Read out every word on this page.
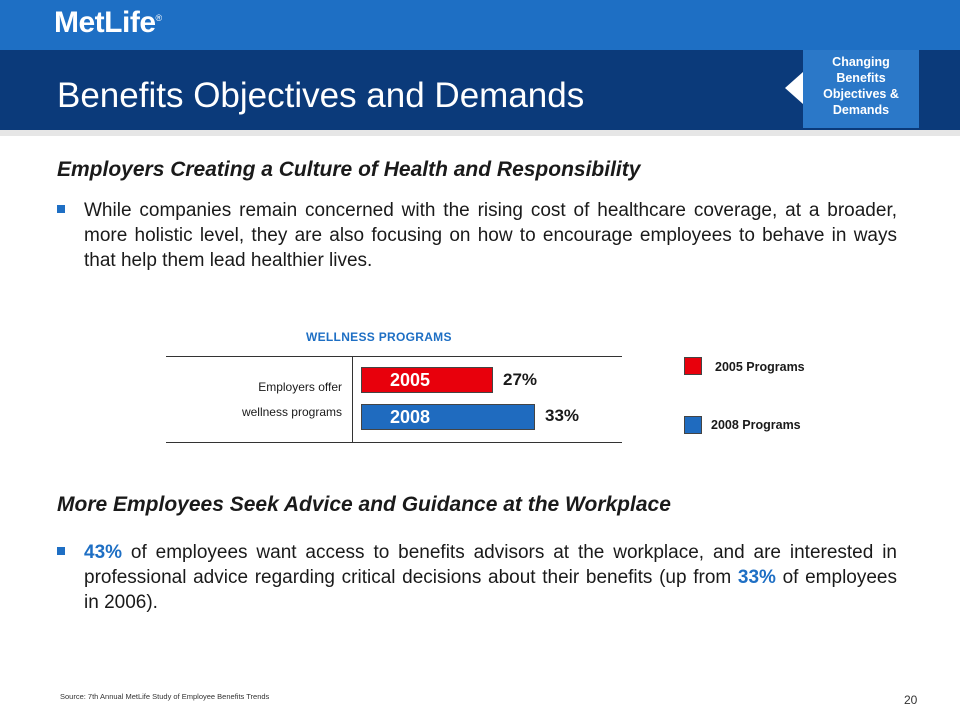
MetLife®
Benefits Objectives and Demands
Changing
Benefits
Objectives &
Demands
Employers Creating a Culture of Health and Responsibility
While companies remain concerned with the rising cost of healthcare coverage, at a broader, more holistic level, they are also focusing on how to encourage employees to behave in ways that help them lead healthier lives.
WELLNESS PROGRAMS
Employers offer
wellness programs
2005	27%
2008	33%
2005 Programs
2008 Programs
More Employees Seek Advice and Guidance at the Workplace
43% of employees want access to benefits advisors at the workplace, and are interested in professional advice regarding critical decisions about their benefits (up from 33% of employees in 2006).
Source: 7th Annual MetLife Study of Employee Benefits Trends	20
